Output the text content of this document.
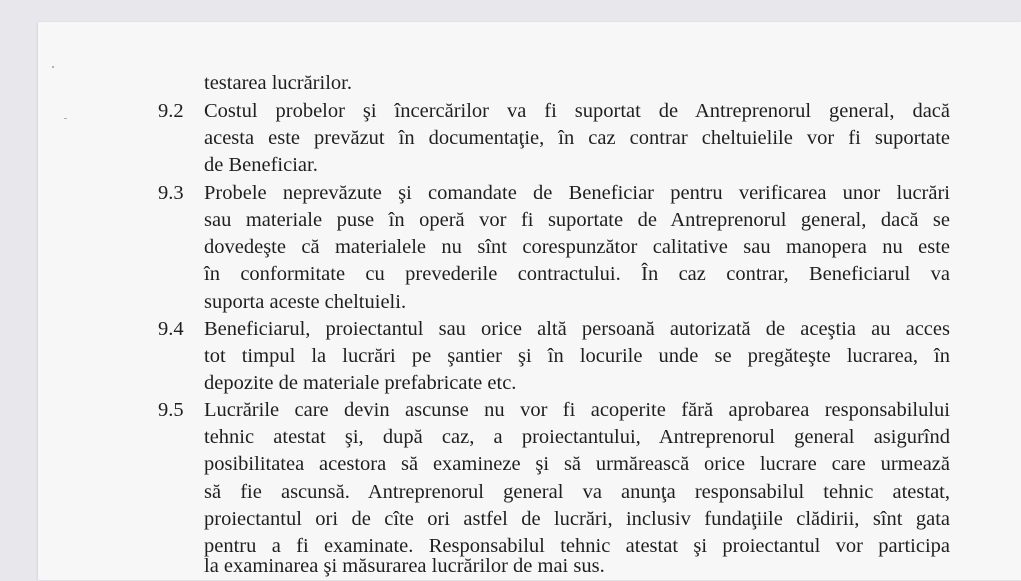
testarea lucrărilor.
9.2 Costul probelor şi încercărilor va fi suportat de Antreprenorul general, dacă
acesta este prevăzut în documentaţie, în caz contrar cheltuielile vor fi suportate
de Beneficiar.
9.3 Probele neprevăzute şi comandate de Beneficiar pentru verificarea unor lucrări
sau materiale puse în operă vor fi suportate de Antreprenorul general, dacă se
dovedeşte că materialele nu sînt corespunzător calitative sau manopera nu este
în conformitate cu prevederile contractului. În caz contrar, Beneficiarul va
suporta aceste cheltuieli.
9.4 Beneficiarul, proiectantul sau orice altă persoană autorizată de aceştia au acces
tot timpul la lucrări pe şantier şi în locurile unde se pregăteşte lucrarea, în
depozite de materiale prefabricate etc.
9.5 Lucrările care devin ascunse nu vor fi acoperite fără aprobarea responsabilului
tehnic atestat şi, după caz, a proiectantului, Antreprenorul general asigurînd
posibilitatea acestora să examineze şi să urmărească orice lucrare care urmează
să fie ascunsă. Antreprenorul general va anunţa responsabilul tehnic atestat,
proiectantul ori de cîte ori astfel de lucrări, inclusiv fundaţiile clădirii, sînt gata
pentru a fi examinate. Responsabilul tehnic atestat şi proiectantul vor participa
la examinarea şi măsurarea lucrărilor de mai sus.
